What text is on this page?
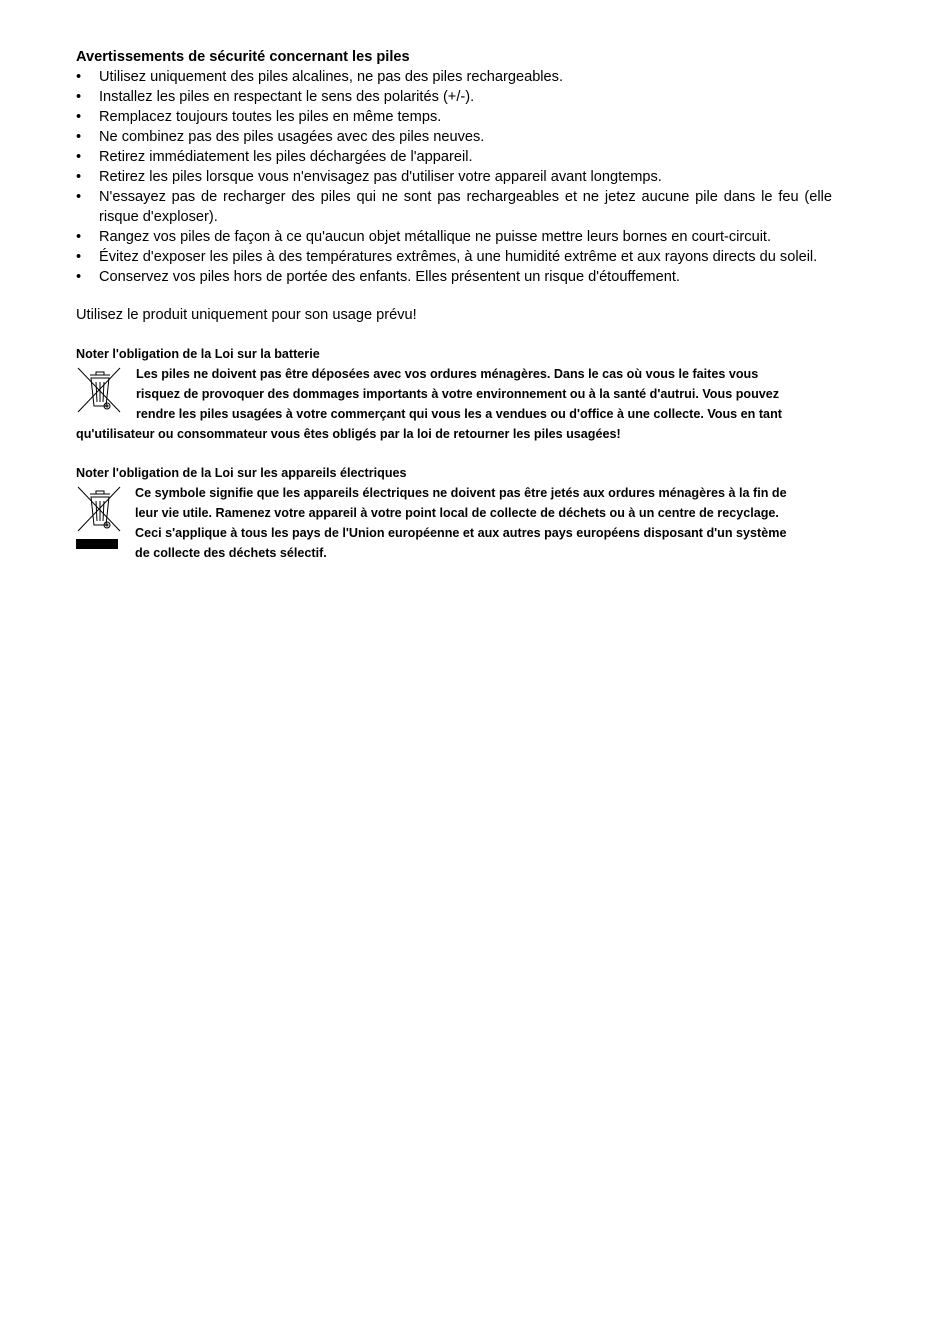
Avertissements de sécurité concernant les piles

•	Utilisez uniquement des piles alcalines, ne pas des piles rechargeables.
•	Installez les piles en respectant le sens des polarités (+/-).
•	Remplacez toujours toutes les piles en même temps.
•	Ne combinez pas des piles usagées avec des piles neuves.
•	Retirez immédiatement les piles déchargées de l'appareil.
•	Retirez les piles lorsque vous n'envisagez pas d'utiliser votre appareil avant longtemps.
•	N'essayez pas de recharger des piles qui ne sont pas rechargeables et ne jetez aucune pile dans le feu (elle risque d'exploser).
•	Rangez vos piles de façon à ce qu'aucun objet métallique ne puisse mettre leurs bornes en court-circuit.
•	Évitez d'exposer les piles à des températures extrêmes, à une humidité extrême et aux rayons directs du soleil.
•	Conservez vos piles hors de portée des enfants. Elles présentent un risque d'étouffement.
Utilisez le produit uniquement pour son usage prévu!
Noter l'obligation de la Loi sur la batterie
Les piles ne doivent pas être déposées avec vos ordures ménagères. Dans le cas où vous le faites vous
risquez de provoquer des dommages importants à votre environnement ou à la santé d'autrui. Vous pouvez
rendre les piles usagées à votre commerçant qui vous les a vendues ou d'office à une collecte. Vous en tant
qu'utilisateur ou consommateur vous êtes obligés par la loi de retourner les piles usagées!
Noter l'obligation de la Loi sur les appareils électriques
Ce symbole signifie que les appareils électriques ne doivent pas être jetés aux ordures ménagères à la fin de
leur vie utile. Ramenez votre appareil à votre point local de collecte de déchets ou à un centre de recyclage.
Ceci s'applique à tous les pays de l'Union européenne et aux autres pays européens disposant d'un système
de collecte des déchets sélectif.
